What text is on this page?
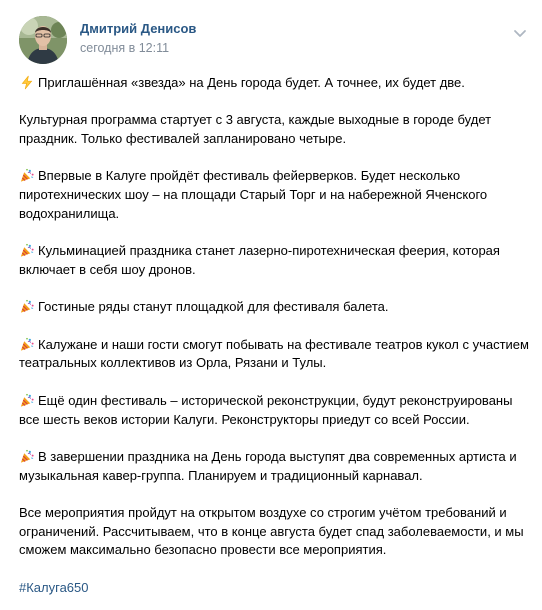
Дмитрий Денисов
сегодня в 12:11
Приглашённая «звезда» на День города будет. А точнее, их будет две.
Культурная программа стартует с 3 августа, каждые выходные в городе будет праздник. Только фестивалей запланировано четыре.
Впервые в Калуге пройдёт фестиваль фейерверков. Будет несколько пиротехнических шоу – на площади Старый Торг и на набережной Яченского водохранилища.
Кульминацией праздника станет лазерно-пиротехническая феерия, которая включает в себя шоу дронов.
Гостиные ряды станут площадкой для фестиваля балета.
Калужане и наши гости смогут побывать на фестивале театров кукол с участием театральных коллективов из Орла, Рязани и Тулы.
Ещё один фестиваль – исторической реконструкции, будут реконструированы все шесть веков истории Калуги. Реконструкторы приедут со всей России.
В завершении праздника на День города выступят два современных артиста и музыкальная кавер-группа. Планируем и традиционный карнавал.
Все мероприятия пройдут на открытом воздухе со строгим учётом требований и ограничений. Рассчитываем, что в конце августа будет спад заболеваемости, и мы сможем максимально безопасно провести все мероприятия.
#Калуга650
